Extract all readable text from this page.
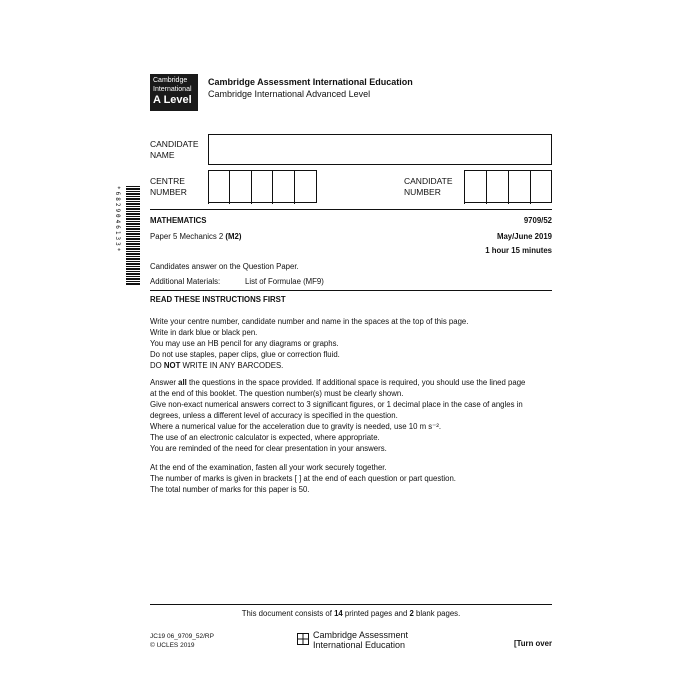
Cambridge
International
A Level
Cambridge Assessment International Education
Cambridge International Advanced Level
CANDIDATE
NAME
CENTRE
NUMBER
CANDIDATE
NUMBER
*6829046133*	MATHEMATICS	9709/52
Paper 5 Mechanics 2 (M2)	May/June 2019
1 hour 15 minutes
Candidates answer on the Question Paper.
Additional Materials:	List of Formulae (MF9)
READ THESE INSTRUCTIONS FIRST
Write your centre number, candidate number and name in the spaces at the top of this page.
Write in dark blue or black pen.
You may use an HB pencil for any diagrams or graphs.
Do not use staples, paper clips, glue or correction fluid.
DO NOT WRITE IN ANY BARCODES.
Answer all the questions in the space provided. If additional space is required, you should use the lined page
at the end of this booklet. The question number(s) must be clearly shown.
Give non-exact numerical answers correct to 3 significant figures, or 1 decimal place in the case of angles in
degrees, unless a different level of accuracy is specified in the question.
Where a numerical value for the acceleration due to gravity is needed, use 10 m s⁻².
The use of an electronic calculator is expected, where appropriate.
You are reminded of the need for clear presentation in your answers.
At the end of the examination, fasten all your work securely together.
The number of marks is given in brackets [ ] at the end of each question or part question.
The total number of marks for this paper is 50.
This document consists of 14 printed pages and 2 blank pages.
JC19 06_9709_52/RP
© UCLES 2019
Cambridge Assessment
International Education	[Turn over
